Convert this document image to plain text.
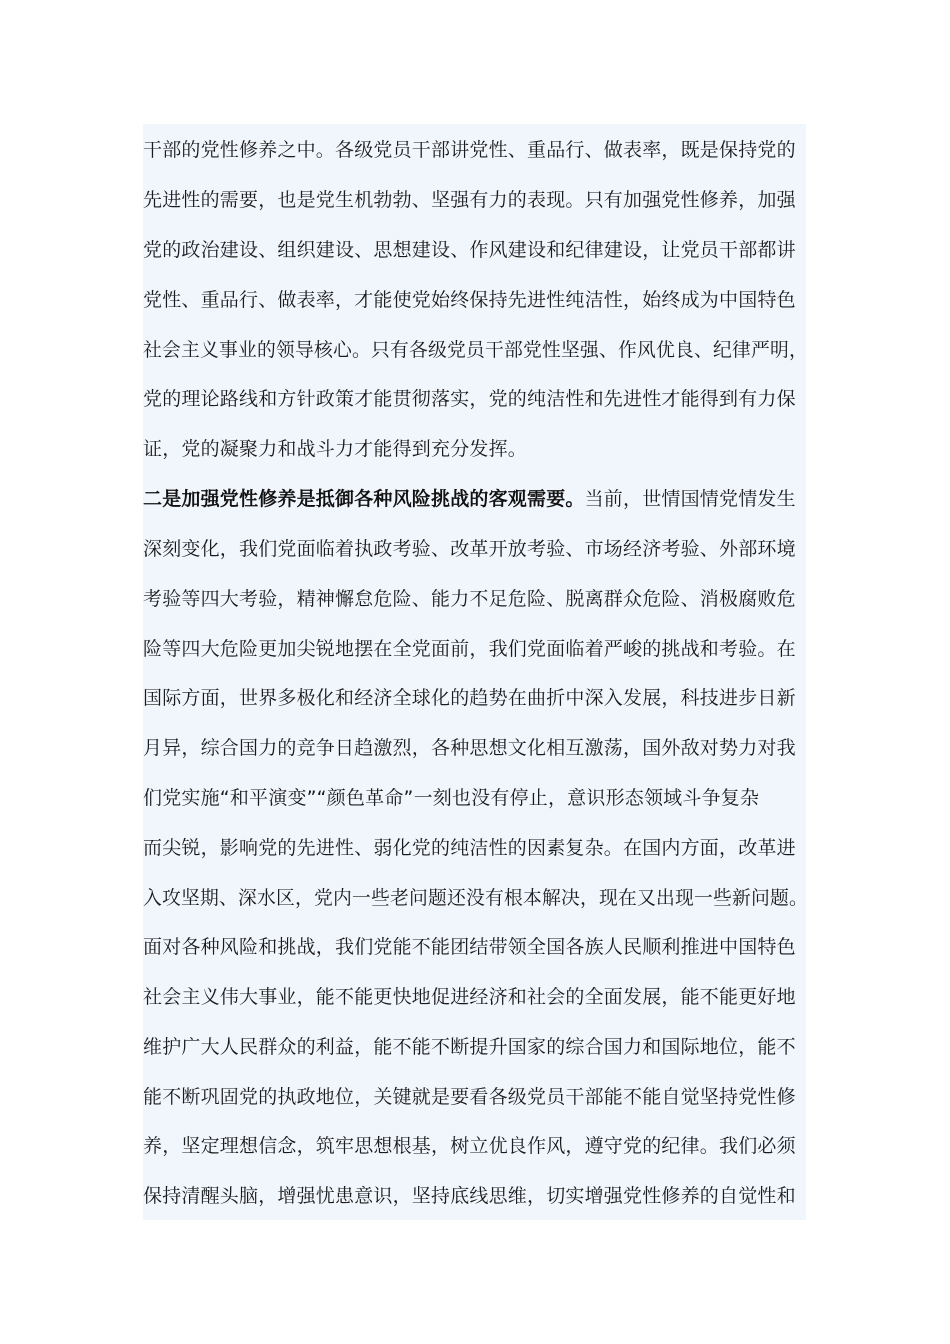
干部的党性修养之中。各级党员干部讲党性、重品行、做表率，既是保持党的
先进性的需要，也是党生机勃勃、坚强有力的表现。只有加强党性修养，加强
党的政治建设、组织建设、思想建设、作风建设和纪律建设，让党员干部都讲
党性、重品行、做表率，才能使党始终保持先进性纯洁性，始终成为中国特色
社会主义事业的领导核心。只有各级党员干部党性坚强、作风优良、纪律严明，
党的理论路线和方针政策才能贯彻落实，党的纯洁性和先进性才能得到有力保
证，党的凝聚力和战斗力才能得到充分发挥。
二是加强党性修养是抵御各种风险挑战的客观需要。当前，世情国情党情发生
深刻变化，我们党面临着执政考验、改革开放考验、市场经济考验、外部环境
考验等四大考验，精神懈怠危险、能力不足危险、脱离群众危险、消极腐败危
险等四大危险更加尖锐地摆在全党面前，我们党面临着严峻的挑战和考验。在
国际方面，世界多极化和经济全球化的趋势在曲折中深入发展，科技进步日新
月异，综合国力的竞争日趋激烈，各种思想文化相互激荡，国外敌对势力对我
们党实施“和平演变”“颜色革命”一刻也没有停止，意识形态领域斗争复杂
而尖锐，影响党的先进性、弱化党的纯洁性的因素复杂。在国内方面，改革进
入攻坚期、深水区，党内一些老问题还没有根本解决，现在又出现一些新问题。
面对各种风险和挑战，我们党能不能团结带领全国各族人民顺利推进中国特色
社会主义伟大事业，能不能更快地促进经济和社会的全面发展，能不能更好地
维护广大人民群众的利益，能不能不断提升国家的综合国力和国际地位，能不
能不断巩固党的执政地位，关键就是要看各级党员干部能不能自觉坚持党性修
养，坚定理想信念，筑牢思想根基，树立优良作风，遵守党的纪律。我们必须
保持清醒头脑，增强忧患意识，坚持底线思维，切实增强党性修养的自觉性和
